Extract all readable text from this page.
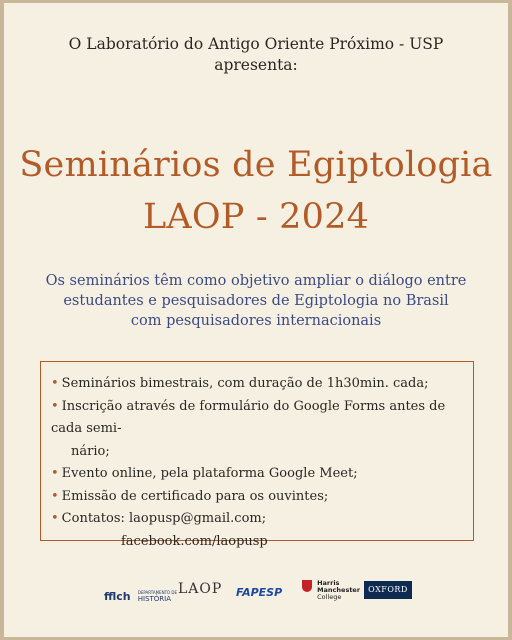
O Laboratório do Antigo Oriente Próximo - USP
apresenta:
Seminários de Egiptologia
LAOP - 2024
Os seminários têm como objetivo ampliar o diálogo entre
estudantes e pesquisadores de Egiptologia no Brasil
com pesquisadores internacionais
• Seminários bimestrais, com duração de 1h30min. cada;
• Inscrição através de formulário do Google Forms antes de cada semi-
nário;
• Evento online, pela plataforma Google Meet;
• Emissão de certificado para os ouvintes;
• Contatos: laopusp@gmail.com;
facebook.com/laopusp
fflch DEPARTAMENTO DE
HISTÓRIA
LAOP FAPESP

Harris
Manchester
College
OXFORD
